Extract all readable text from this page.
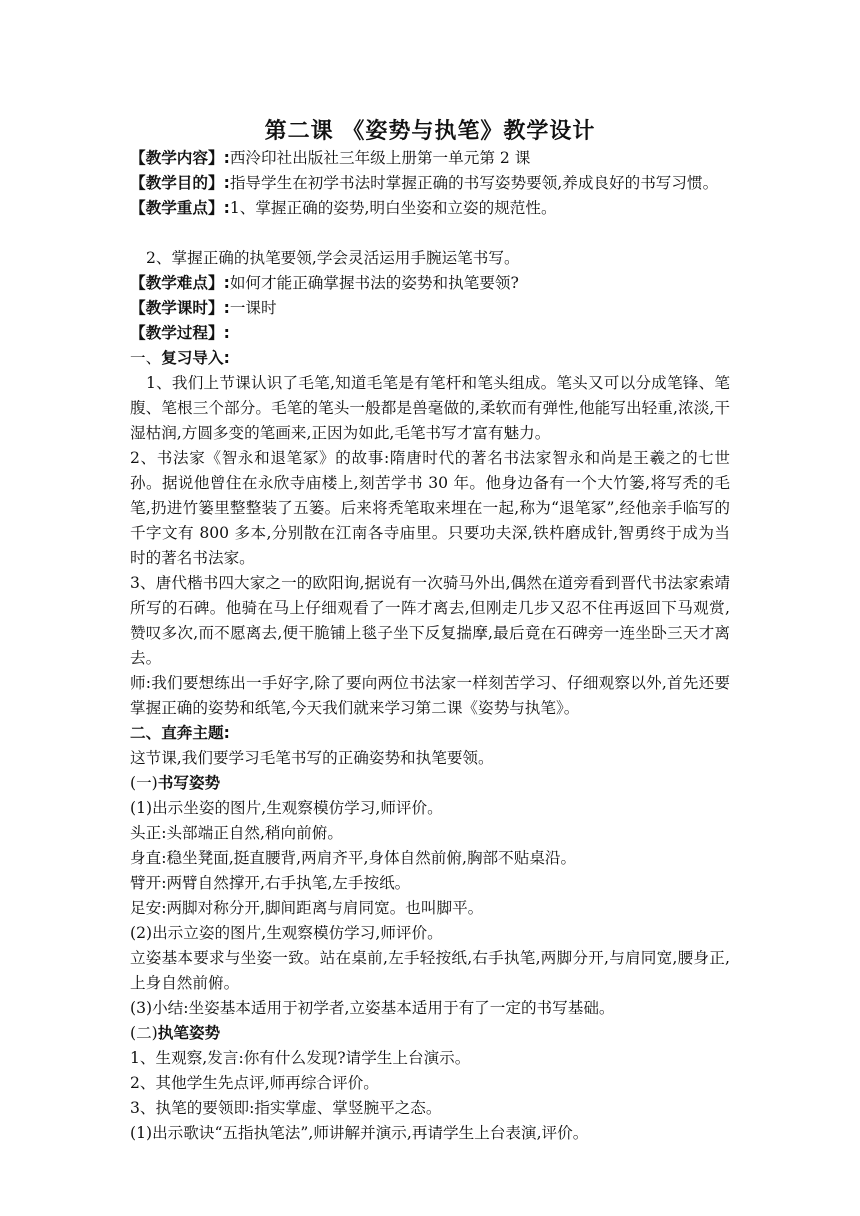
第二课 《姿势与执笔》教学设计
【教学内容】:西泠印社出版社三年级上册第一单元第 2 课
【教学目的】:指导学生在初学书法时掌握正确的书写姿势要领,养成良好的书写习惯。
【教学重点】:1、掌握正确的姿势,明白坐姿和立姿的规范性。
2、掌握正确的执笔要领,学会灵活运用手腕运笔书写。
【教学难点】:如何才能正确掌握书法的姿势和执笔要领?
【教学课时】:一课时
【教学过程】:
一、复习导入:
1、我们上节课认识了毛笔,知道毛笔是有笔杆和笔头组成。笔头又可以分成笔锋、笔腹、笔根三个部分。毛笔的笔头一般都是兽毫做的,柔软而有弹性,他能写出轻重,浓淡,干湿枯润,方圆多变的笔画来,正因为如此,毛笔书写才富有魅力。
2、书法家《智永和退笔冢》的故事:隋唐时代的著名书法家智永和尚是王羲之的七世孙。据说他曾住在永欣寺庙楼上,刻苦学书 30 年。他身边备有一个大竹篓,将写秃的毛笔,扔进竹篓里整整装了五篓。后来将秃笔取来埋在一起,称为“退笔冢”,经他亲手临写的千字文有 800 多本,分别散在江南各寺庙里。只要功夫深,铁杵磨成针,智勇终于成为当时的著名书法家。
3、唐代楷书四大家之一的欧阳询,据说有一次骑马外出,偶然在道旁看到晋代书法家索靖所写的石碑。他骑在马上仔细观看了一阵才离去,但刚走几步又忍不住再返回下马观赏,赞叹多次,而不愿离去,便干脆铺上毯子坐下反复揣摩,最后竟在石碑旁一连坐卧三天才离去。
师:我们要想练出一手好字,除了要向两位书法家一样刻苦学习、仔细观察以外,首先还要掌握正确的姿势和纸笔,今天我们就来学习第二课《姿势与执笔》。
二、直奔主题:
这节课,我们要学习毛笔书写的正确姿势和执笔要领。
(一)书写姿势
(1)出示坐姿的图片,生观察模仿学习,师评价。
头正:头部端正自然,稍向前俯。
身直:稳坐凳面,挺直腰背,两肩齐平,身体自然前俯,胸部不贴桌沿。
臂开:两臂自然撑开,右手执笔,左手按纸。
足安:两脚对称分开,脚间距离与肩同宽。也叫脚平。
(2)出示立姿的图片,生观察模仿学习,师评价。
立姿基本要求与坐姿一致。站在桌前,左手轻按纸,右手执笔,两脚分开,与肩同宽,腰身正,上身自然前俯。
(3)小结:坐姿基本适用于初学者,立姿基本适用于有了一定的书写基础。
(二)执笔姿势
1、生观察,发言:你有什么发现?请学生上台演示。
2、其他学生先点评,师再综合评价。
3、执笔的要领即:指实掌虚、掌竖腕平之态。
(1)出示歌诀“五指执笔法”,师讲解并演示,再请学生上台表演,评价。
